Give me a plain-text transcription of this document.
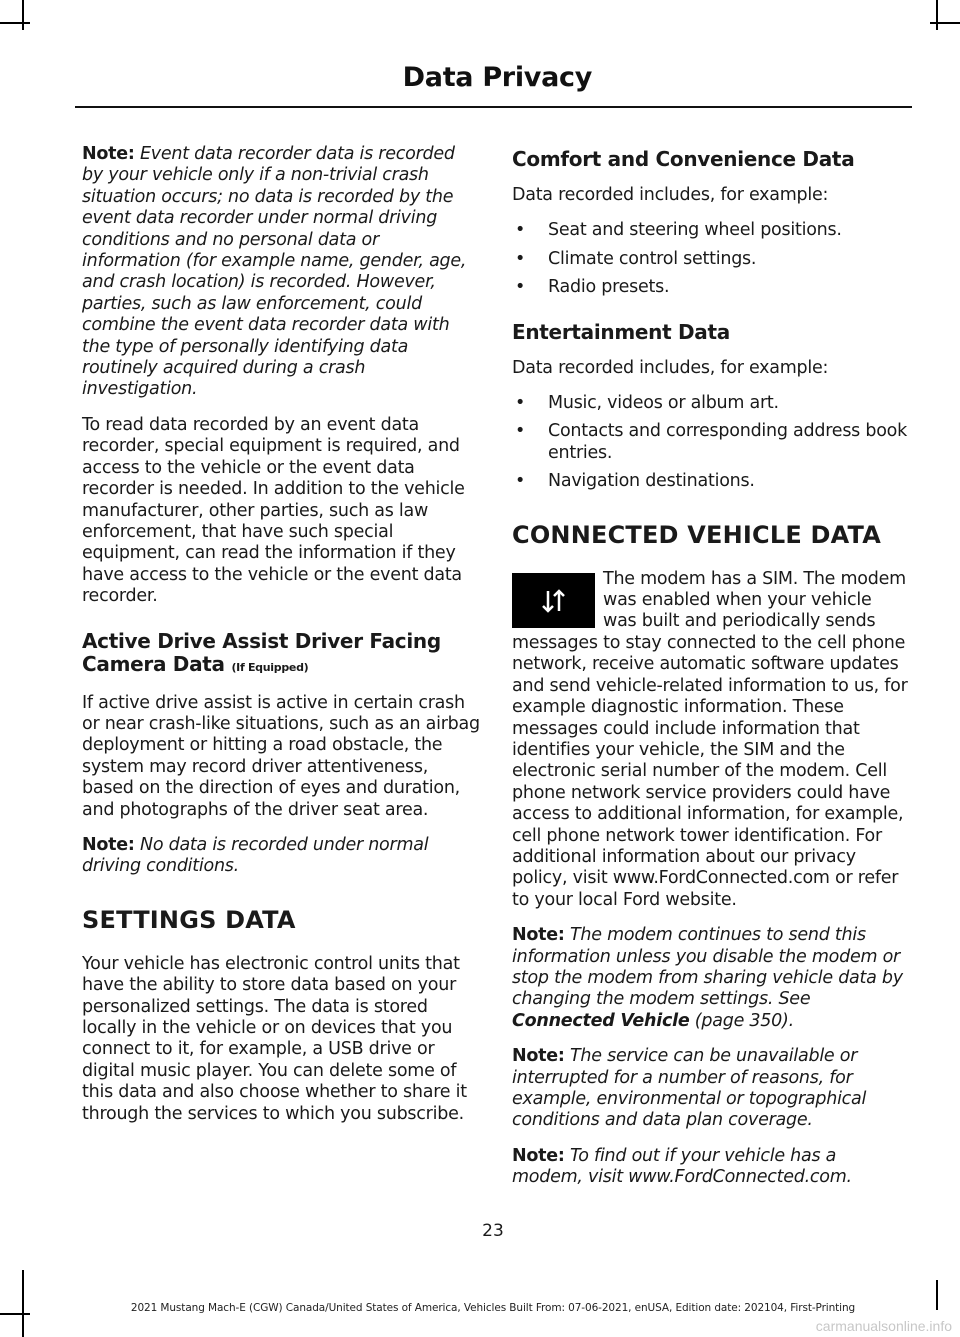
Data Privacy

Note: Event data recorder data is recorded by your vehicle only if a non-trivial crash situation occurs; no data is recorded by the event data recorder under normal driving conditions and no personal data or information (for example name, gender, age, and crash location) is recorded. However, parties, such as law enforcement, could combine the event data recorder data with the type of personally identifying data routinely acquired during a crash investigation.

To read data recorded by an event data recorder, special equipment is required, and access to the vehicle or the event data recorder is needed. In addition to the vehicle manufacturer, other parties, such as law enforcement, that have such special equipment, can read the information if they have access to the vehicle or the event data recorder.

Active Drive Assist Driver Facing Camera Data (If Equipped)

If active drive assist is active in certain crash or near crash-like situations, such as an airbag deployment or hitting a road obstacle, the system may record driver attentiveness, based on the direction of eyes and duration, and photographs of the driver seat area.

Note: No data is recorded under normal driving conditions.

SETTINGS DATA

Your vehicle has electronic control units that have the ability to store data based on your personalized settings. The data is stored locally in the vehicle or on devices that you connect to it, for example, a USB drive or digital music player. You can delete some of this data and also choose whether to share it through the services to which you subscribe.

Comfort and Convenience Data

Data recorded includes, for example:

• Seat and steering wheel positions.
• Climate control settings.
• Radio presets.
Entertainment Data

Data recorded includes, for example:

• Music, videos or album art.
• Contacts and corresponding address book entries.
• Navigation destinations.
CONNECTED VEHICLE DATA

The modem has a SIM. The modem was enabled when your vehicle was built and periodically sends messages to stay connected to the cell phone network, receive automatic software updates and send vehicle-related information to us, for example diagnostic information. These messages could include information that identifies your vehicle, the SIM and the electronic serial number of the modem. Cell phone network service providers could have access to additional information, for example, cell phone network tower identification. For additional information about our privacy policy, visit www.FordConnected.com or refer to your local Ford website.

Note: The modem continues to send this information unless you disable the modem or stop the modem from sharing vehicle data by changing the modem settings. See Connected Vehicle (page 350).

Note: The service can be unavailable or interrupted for a number of reasons, for example, environmental or topographical conditions and data plan coverage.

Note: To find out if your vehicle has a modem, visit www.FordConnected.com.

23
2021 Mustang Mach-E (CGW) Canada/United States of America, Vehicles Built From: 07-06-2021, enUSA, Edition date: 202104, First-Printing
carmanualsonline.info
